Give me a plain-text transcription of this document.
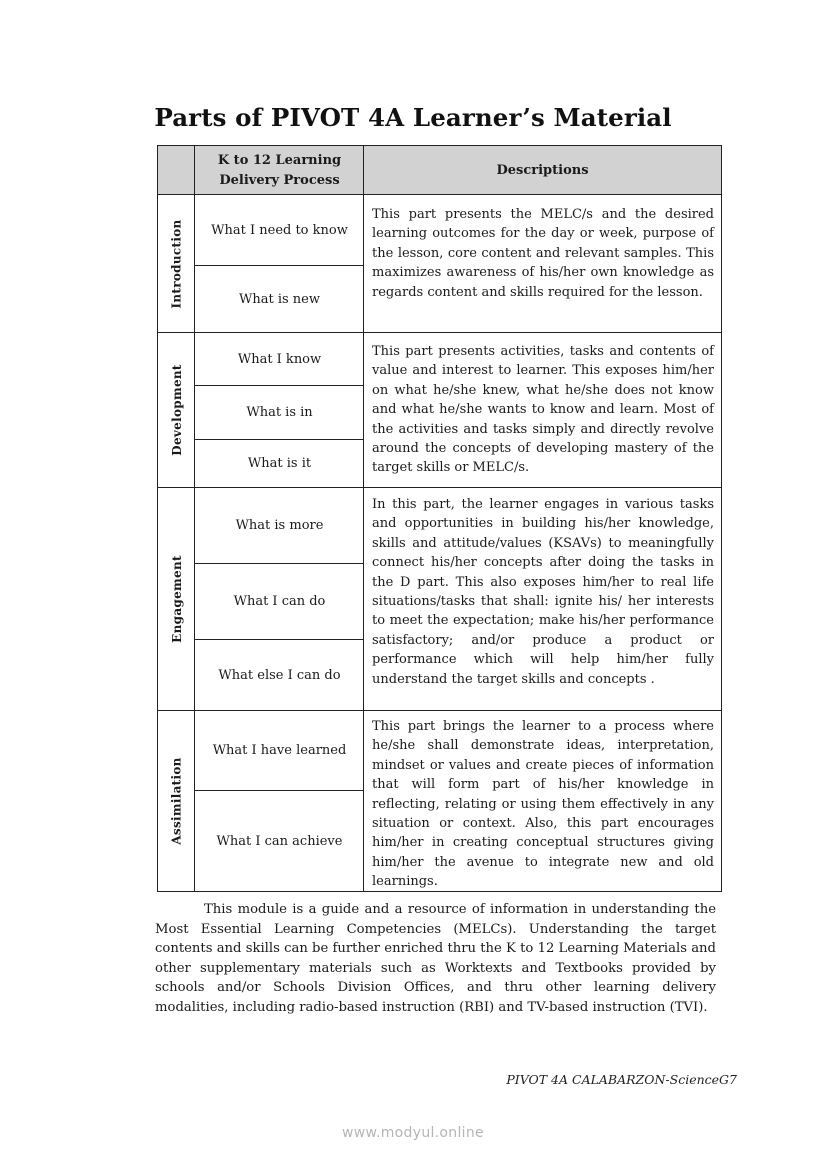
Parts of PIVOT 4A Learner’s Material
K to 12 Learning Delivery Process
Descriptions
Introduction	What I need to know
What is new
This part presents the MELC/s and the desired learning outcomes for the day or week, purpose of the lesson, core content and relevant samples. This maximizes awareness of his/her own knowledge as regards content and skills required for the lesson.
Development
What I know
What is in
What is it
This part presents activities, tasks and contents of value and interest to learner. This exposes him/her on what he/she knew, what he/she does not know and what he/she wants to know and learn. Most of the activities and tasks simply and directly revolve around the concepts of developing mastery of the target skills or MELC/s.
Engagement
What is more
What I can do
What else I can do
In this part, the learner engages in various tasks and opportunities in building his/her knowledge, skills and attitude/values (KSAVs) to meaningfully connect his/her concepts after doing the tasks in the D part. This also exposes him/her to real life situations/tasks that shall: ignite his/ her interests to meet the expectation; make his/her performance satisfactory; and/or produce a product or performance which will help him/her fully understand the target skills and concepts .
Assimilation
What I have learned
What I can achieve
This part brings the learner to a process where he/she shall demonstrate ideas, interpretation, mindset or values and create pieces of information that will form part of his/her knowledge in reflecting, relating or using them effectively in any situation or context. Also, this part encourages him/her in creating conceptual structures giving him/her the avenue to integrate new and old learnings.
This module is a guide and a resource of information in understanding the Most Essential Learning Competencies (MELCs). Understanding the target contents and skills can be further enriched thru the K to 12 Learning Materials and other supplementary materials such as Worktexts and Textbooks provided by schools and/or Schools Division Offices, and thru other learning delivery modalities, including radio-based instruction (RBI) and TV-based instruction (TVI).
PIVOT 4A CALABARZON-ScienceG7
www.modyul.online
